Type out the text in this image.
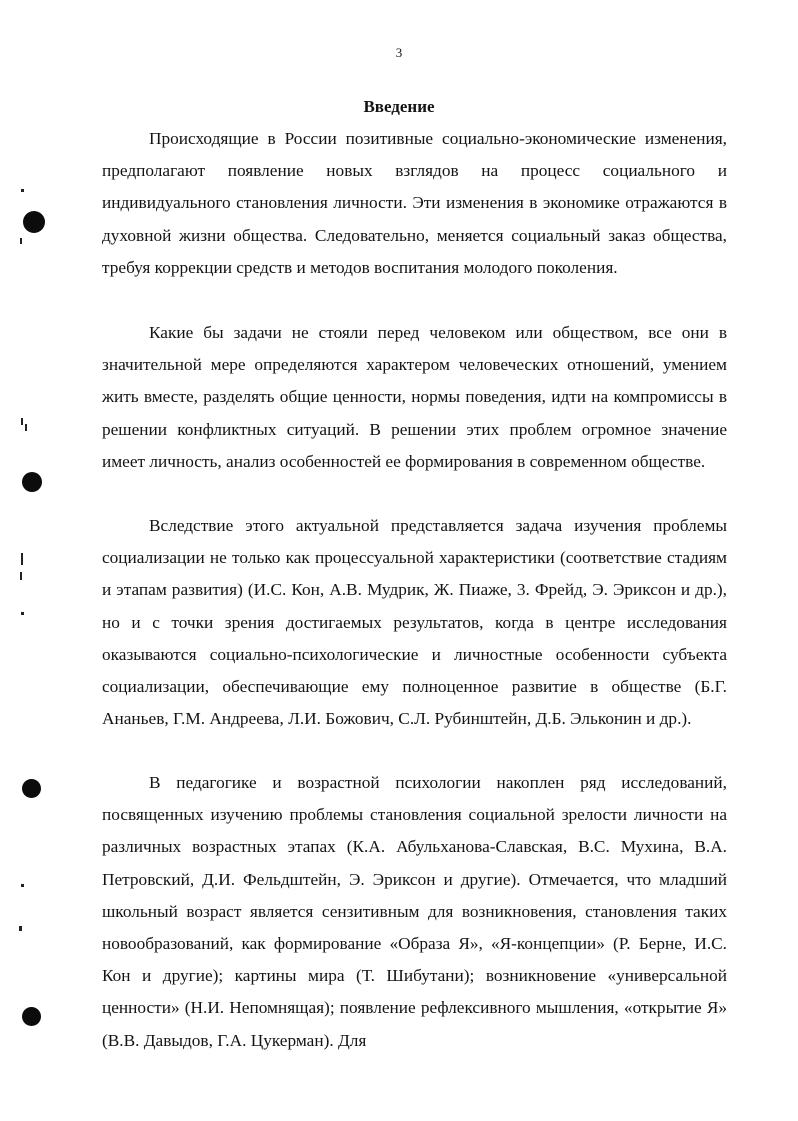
3
Введение

Происходящие в России позитивные социально-экономические изменения, предполагают появление новых взглядов на процесс социального и индивидуального становления личности. Эти изменения в экономике отражаются в духовной жизни общества. Следовательно, меняется социальный заказ общества, требуя коррекции средств и методов воспитания молодого поколения.

Какие бы задачи не стояли перед человеком или обществом, все они в значительной мере определяются характером человеческих отношений, умением жить вместе, разделять общие ценности, нормы поведения, идти на компромиссы в решении конфликтных ситуаций. В решении этих проблем огромное значение имеет личность, анализ особенностей ее формирования в современном обществе.

Вследствие этого актуальной представляется задача изучения проблемы социализации не только как процессуальной характеристики (соответствие стадиям и этапам развития) (И.С. Кон, А.В. Мудрик, Ж. Пиаже, 3. Фрейд, Э. Эриксон и др.), но и с точки зрения достигаемых результатов, когда в центре исследования оказываются социально-психологические и личностные особенности субъекта социализации, обеспечивающие ему полноценное развитие в обществе (Б.Г. Ананьев, Г.М. Андреева, Л.И. Божович, С.Л. Рубинштейн, Д.Б. Эльконин и др.).

В педагогике и возрастной психологии накоплен ряд исследований, посвященных изучению проблемы становления социальной зрелости личности на различных возрастных этапах (К.А. Абульханова-Славская, В.С. Мухина, В.А. Петровский, Д.И. Фельдштейн, Э. Эриксон и другие). Отмечается, что младший школьный возраст является сензитивным для возникновения, становления таких новообразований, как формирование «Образа Я», «Я-концепции» (Р. Берне, И.С. Кон и другие); картины мира (Т. Шибутани); возникновение «универсальной ценности» (Н.И. Непомнящая); появление рефлексивного мышления, «открытие Я» (В.В. Давыдов, Г.А. Цукерман). Для
